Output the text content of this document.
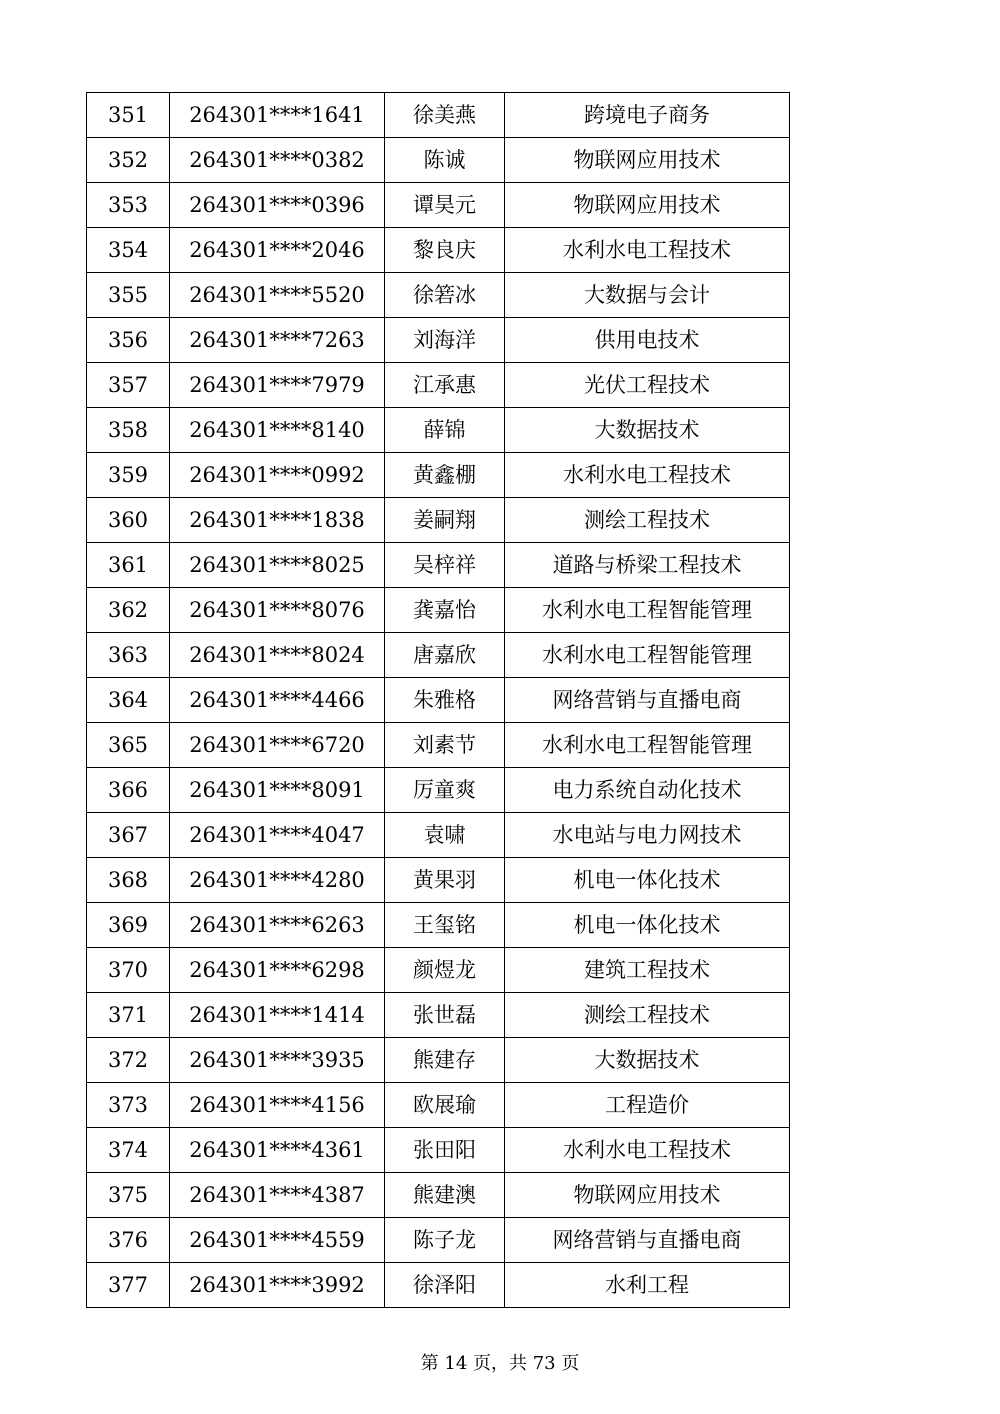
351	264301****1641	徐美燕	跨境电子商务
352	264301****0382	陈诚	物联网应用技术
353	264301****0396	谭昊元	物联网应用技术
354	264301****2046	黎良庆	水利水电工程技术
355	264301****5520	徐箬冰	大数据与会计
356	264301****7263	刘海洋	供用电技术
357	264301****7979	江承惠	光伏工程技术
358	264301****8140	薛锦	大数据技术
359	264301****0992	黄鑫棚	水利水电工程技术
360	264301****1838	姜嗣翔	测绘工程技术
361	264301****8025	吴梓祥	道路与桥梁工程技术
362	264301****8076	龚嘉怡	水利水电工程智能管理
363	264301****8024	唐嘉欣	水利水电工程智能管理
364	264301****4466	朱雅格	网络营销与直播电商
365	264301****6720	刘素节	水利水电工程智能管理
366	264301****8091	厉童爽	电力系统自动化技术
367	264301****4047	袁啸	水电站与电力网技术
368	264301****4280	黄果羽	机电一体化技术
369	264301****6263	王玺铭	机电一体化技术
370	264301****6298	颜煜龙	建筑工程技术
371	264301****1414	张世磊	测绘工程技术
372	264301****3935	熊建存	大数据技术
373	264301****4156	欧展瑜	工程造价
374	264301****4361	张田阳	水利水电工程技术
375	264301****4387	熊建澳	物联网应用技术
376	264301****4559	陈子龙	网络营销与直播电商
377	264301****3992	徐泽阳	水利工程
第 14 页，共 73 页
